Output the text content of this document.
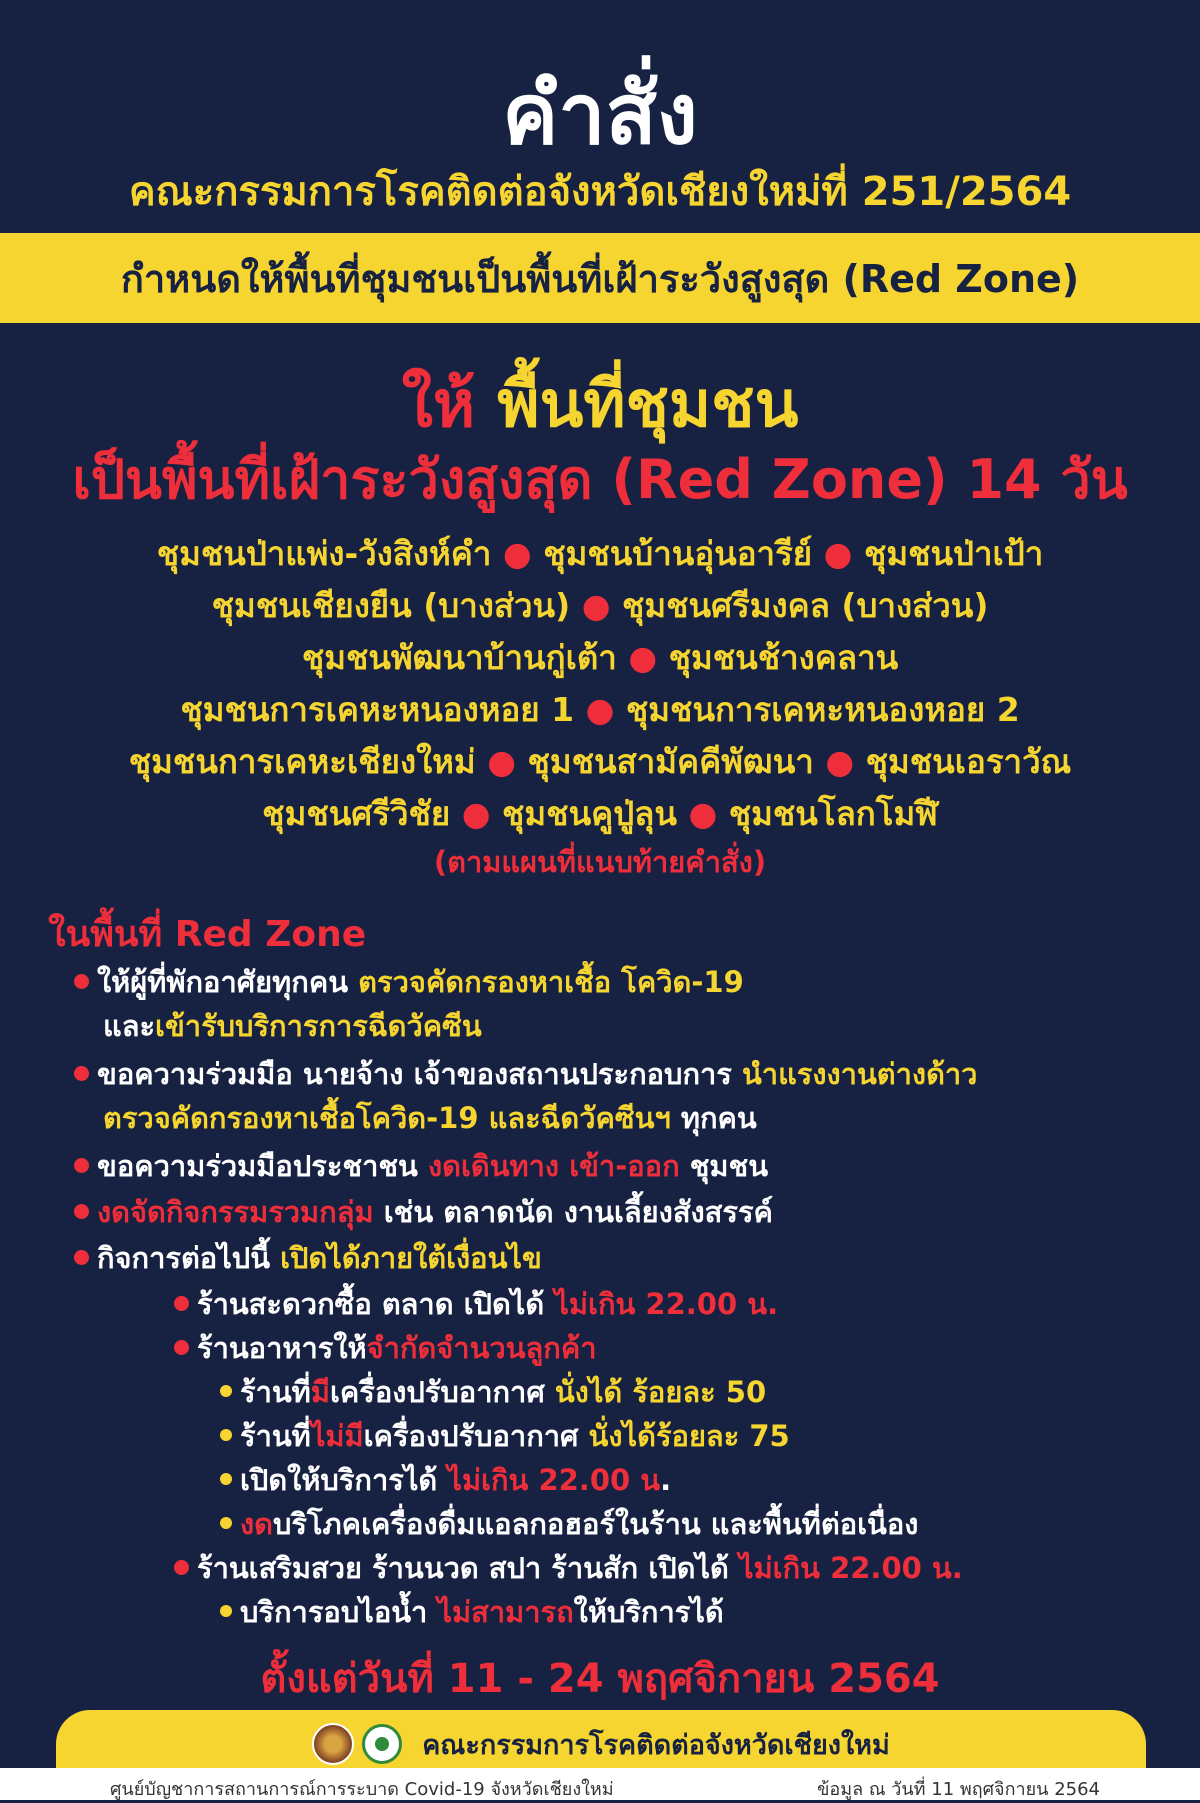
คำสั่ง
คณะกรรมการโรคติดต่อจังหวัดเชียงใหม่ที่ 251/2564
กำหนดให้พื้นที่ชุมชนเป็นพื้นที่เฝ้าระวังสูงสุด (Red Zone)
ให้ พื้นที่ชุมชน
เป็นพื้นที่เฝ้าระวังสูงสุด (Red Zone) 14 วัน
ชุมชนป่าแพ่ง-วังสิงห์คำ ● ชุมชนบ้านอุ่นอารีย์ ● ชุมชนป่าเป้า
ชุมชนเชียงยืน (บางส่วน) ● ชุมชนศรีมงคล (บางส่วน)
ชุมชนพัฒนาบ้านกู่เต้า ● ชุมชนช้างคลาน
ชุมชนการเคหะหนองหอย 1 ● ชุมชนการเคหะหนองหอย 2
ชุมชนการเคหะเชียงใหม่ ● ชุมชนสามัคคีพัฒนา ● ชุมชนเอราวัณ
ชุมชนศรีวิชัย ● ชุมชนคูปู่ลุน ● ชุมชนโลกโมฬี
(ตามแผนที่แนบท้ายคำสั่ง)
ในพื้นที่ Red Zone
ให้ผู้ที่พักอาศัยทุกคน ตรวจคัดกรองหาเชื้อ โควิด-19
และเข้ารับบริการการฉีดวัคซีน
ขอความร่วมมือ นายจ้าง เจ้าของสถานประกอบการ นำแรงงานต่างด้าว
ตรวจคัดกรองหาเชื้อโควิด-19 และฉีดวัคซีนฯ ทุกคน
ขอความร่วมมือประชาชน งดเดินทาง เข้า-ออก ชุมชน
งดจัดกิจกรรมรวมกลุ่ม เช่น ตลาดนัด งานเลี้ยงสังสรรค์
กิจการต่อไปนี้ เปิดได้ภายใต้เงื่อนไข
ร้านสะดวกซื้อ ตลาด เปิดได้ ไม่เกิน 22.00 น.
ร้านอาหารให้จำกัดจำนวนลูกค้า
ร้านที่มีเครื่องปรับอากาศ นั่งได้ ร้อยละ 50
ร้านที่ไม่มีเครื่องปรับอากาศ นั่งได้ร้อยละ 75
เปิดให้บริการได้ ไม่เกิน 22.00 น.
งดบริโภคเครื่องดื่มแอลกอฮอร์ในร้าน และพื้นที่ต่อเนื่อง
ร้านเสริมสวย ร้านนวด สปา ร้านสัก เปิดได้ ไม่เกิน 22.00 น.
บริการอบไอน้ำ ไม่สามารถให้บริการได้
ตั้งแต่วันที่ 11 - 24 พฤศจิกายน 2564
คณะกรรมการโรคติดต่อจังหวัดเชียงใหม่
ศูนย์บัญชาการสถานการณ์การระบาด Covid-19 จังหวัดเชียงใหม่	ข้อมูล ณ วันที่ 11 พฤศจิกายน 2564
